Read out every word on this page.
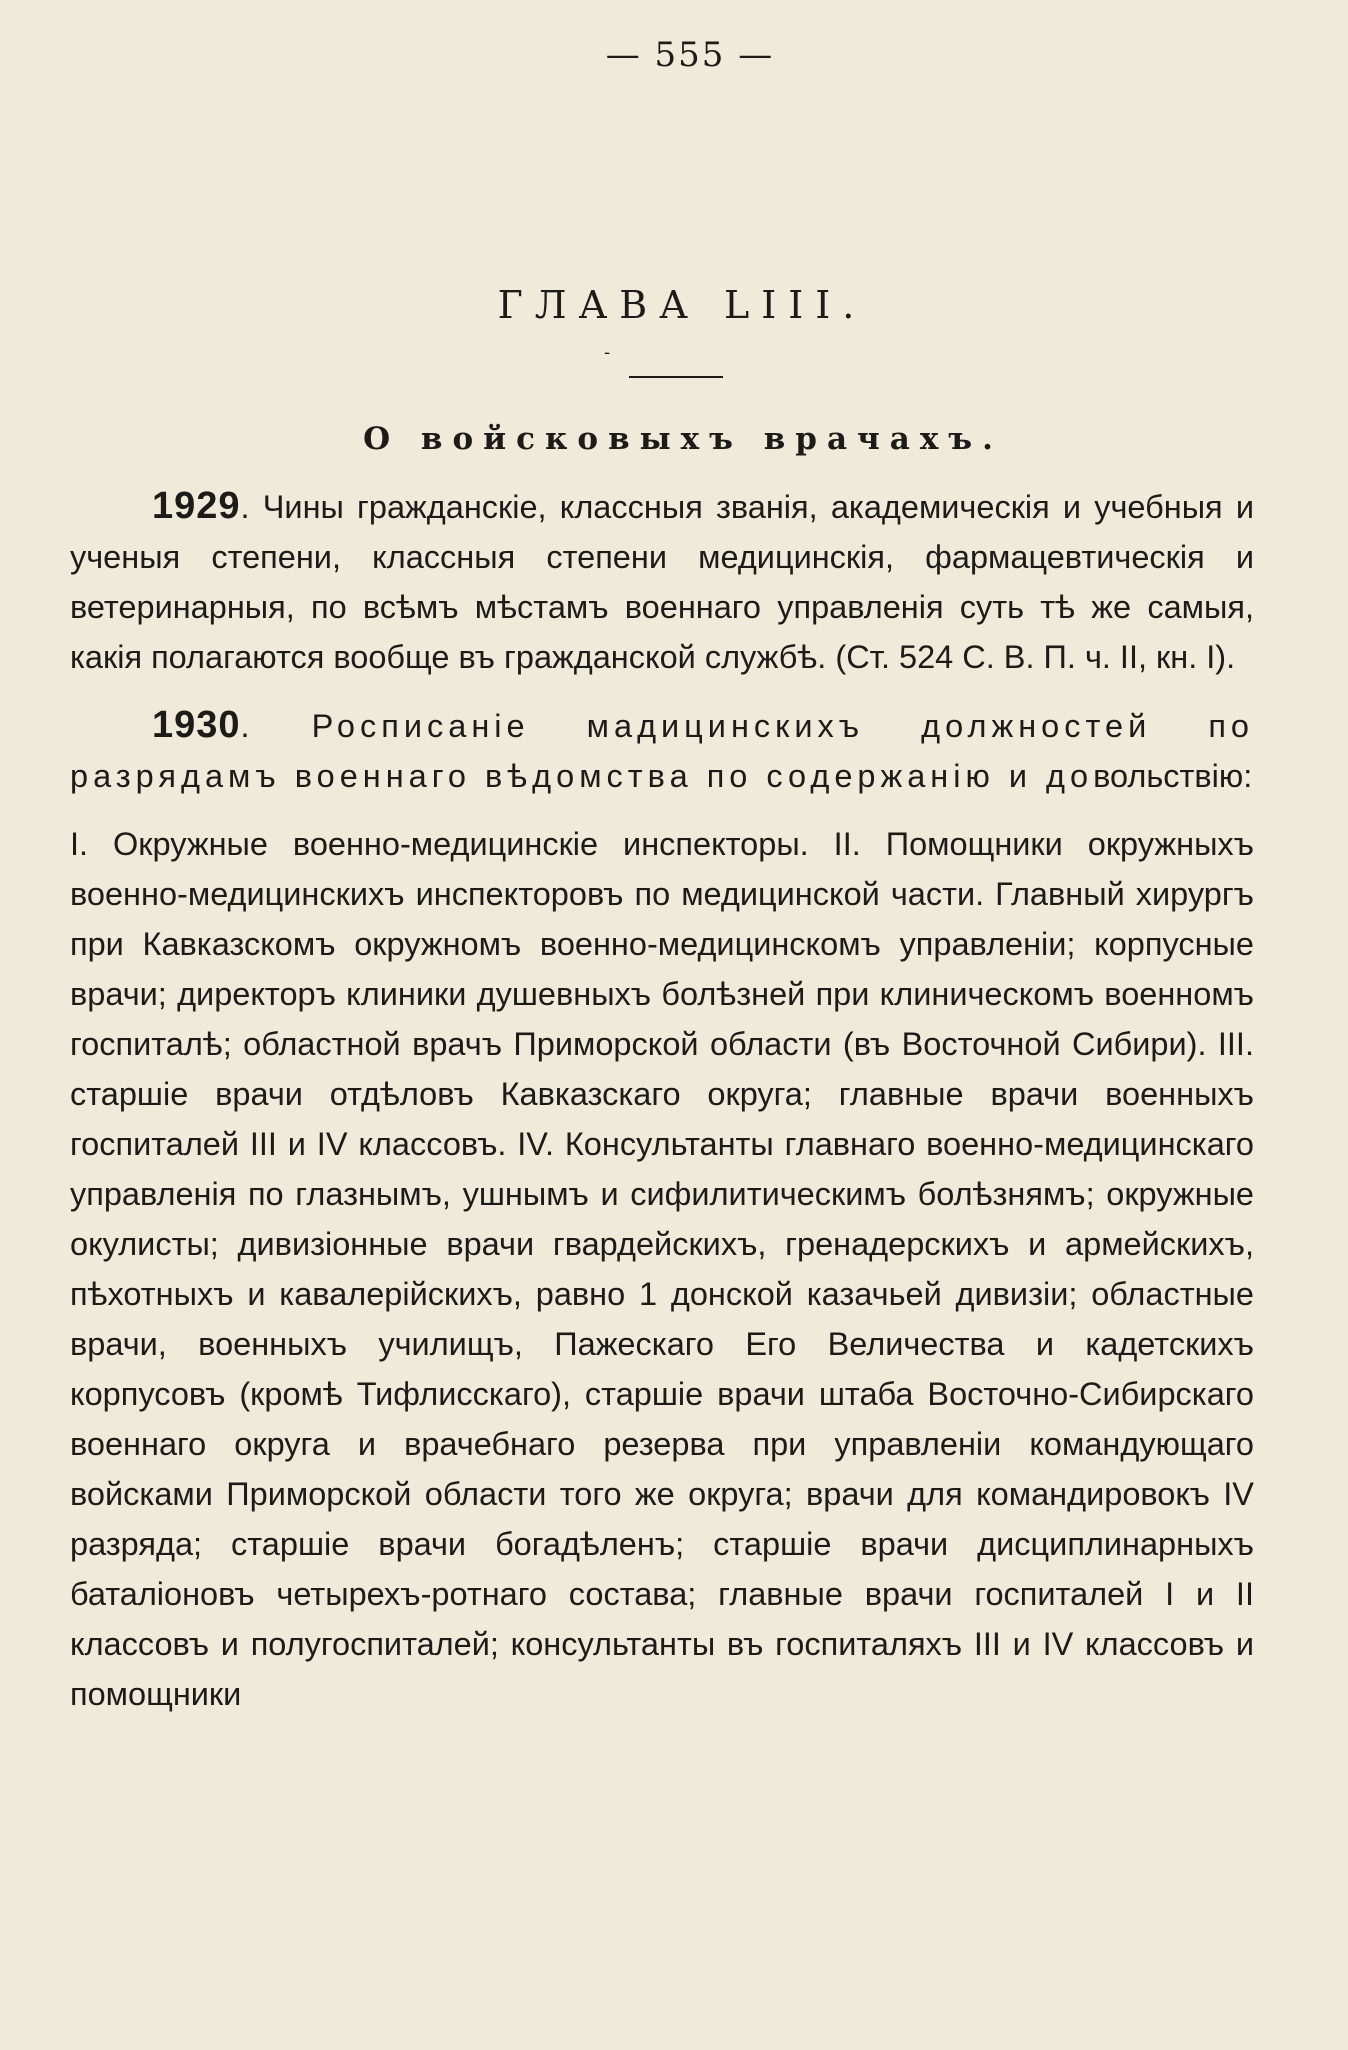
— 555 —
ГЛАВА LIII.
-
О войсковыхъ врачахъ.

1929. Чины гражданскіе, классныя званія, академическія и учебныя и ученыя степени, классныя степени медицинскія, фармацевтическія и ветеринарныя, по всѣмъ мѣстамъ военнаго управленія суть тѣ же самыя, какія полагаются вообще въ гражданской службѣ. (Ст. 524 С. В. П. ч. II, кн. I).

1930. Росписаніе мадицинскихъ должностей по разрядамъ военнаго вѣдомства по содержанію и довольствію:

I. Окружные военно-медицинскіе инспекторы. II. Помощники окружныхъ военно-медицинскихъ инспекторовъ по медицинской части. Главный хирургъ при Кавказскомъ окружномъ военно-медицинскомъ управленіи; корпусные врачи; директоръ клиники душевныхъ болѣзней при клиническомъ военномъ госпиталѣ; областной врачъ Приморской области (въ Восточной Сибири). III. старшіе врачи отдѣловъ Кавказскаго округа; главные врачи военныхъ госпиталей III и IV классовъ. IV. Консультанты главнаго военно-медицинскаго управленія по глазнымъ, ушнымъ и сифилитическимъ болѣзнямъ; окружные окулисты; дивизіонные врачи гвардейскихъ, гренадерскихъ и армейскихъ, пѣхотныхъ и кавалерійскихъ, равно 1 донской казачьей дивизіи; областные врачи, военныхъ училищъ, Пажескаго Его Величества и кадетскихъ корпусовъ (кромѣ Тифлисскаго), старшіе врачи штаба Восточно-Сибирскаго военнаго округа и врачебнаго резерва при управленіи командующаго войсками Приморской области того же округа; врачи для командировокъ IV разряда; старшіе врачи богадѣленъ; старшіе врачи дисциплинарныхъ баталіоновъ четырехъ-ротнаго состава; главные врачи госпиталей I и II классовъ и полугоспиталей; консультанты въ госпиталяхъ III и IV классовъ и помощники
